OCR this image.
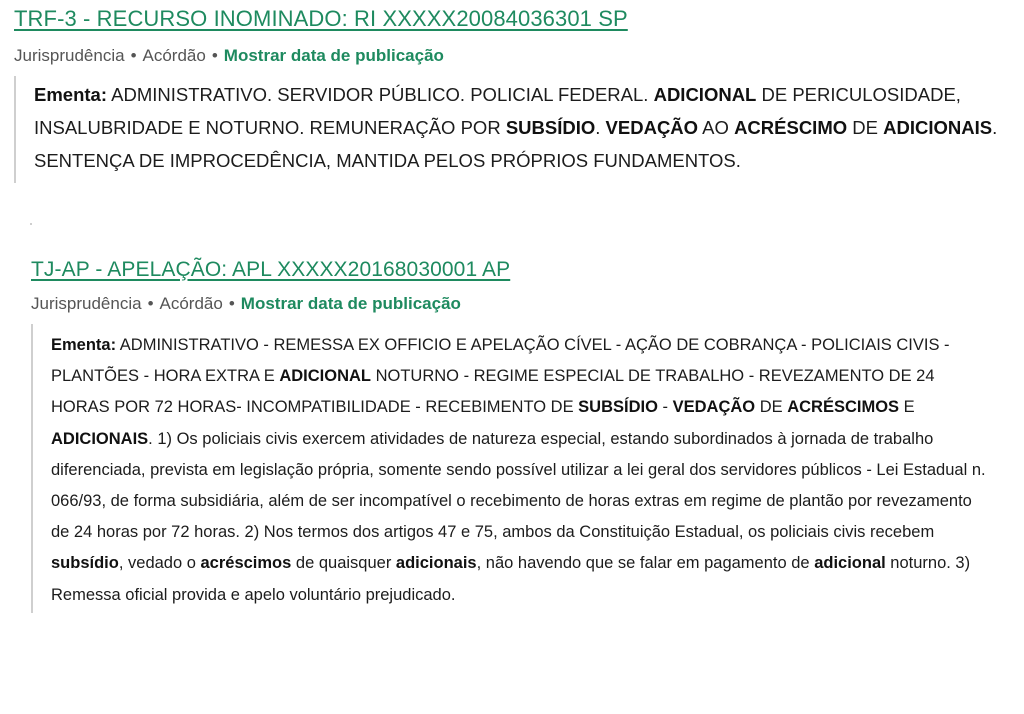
TRF-3 - RECURSO INOMINADO: RI XXXXX20084036301 SP
Jurisprudência • Acórdão • Mostrar data de publicação
Ementa: ADMINISTRATIVO. SERVIDOR PÚBLICO. POLICIAL FEDERAL. ADICIONAL DE PERICULOSIDADE, INSALUBRIDADE E NOTURNO. REMUNERAÇÃO POR SUBSÍDIO. VEDAÇÃO AO ACRÉSCIMO DE ADICIONAIS. SENTENÇA DE IMPROCEDÊNCIA, MANTIDA PELOS PRÓPRIOS FUNDAMENTOS.
TJ-AP - APELAÇÃO: APL XXXXX20168030001 AP
Jurisprudência • Acórdão • Mostrar data de publicação
Ementa: ADMINISTRATIVO - REMESSA EX OFFICIO E APELAÇÃO CÍVEL - AÇÃO DE COBRANÇA - POLICIAIS CIVIS - PLANTÕES - HORA EXTRA E ADICIONAL NOTURNO - REGIME ESPECIAL DE TRABALHO - REVEZAMENTO DE 24 HORAS POR 72 HORAS- INCOMPATIBILIDADE - RECEBIMENTO DE SUBSÍDIO - VEDAÇÃO DE ACRÉSCIMOS E ADICIONAIS. 1) Os policiais civis exercem atividades de natureza especial, estando subordinados à jornada de trabalho diferenciada, prevista em legislação própria, somente sendo possível utilizar a lei geral dos servidores públicos - Lei Estadual n. 066/93, de forma subsidiária, além de ser incompatível o recebimento de horas extras em regime de plantão por revezamento de 24 horas por 72 horas. 2) Nos termos dos artigos 47 e 75, ambos da Constituição Estadual, os policiais civis recebem subsídio, vedado o acréscimos de quaisquer adicionais, não havendo que se falar em pagamento de adicional noturno. 3) Remessa oficial provida e apelo voluntário prejudicado.
